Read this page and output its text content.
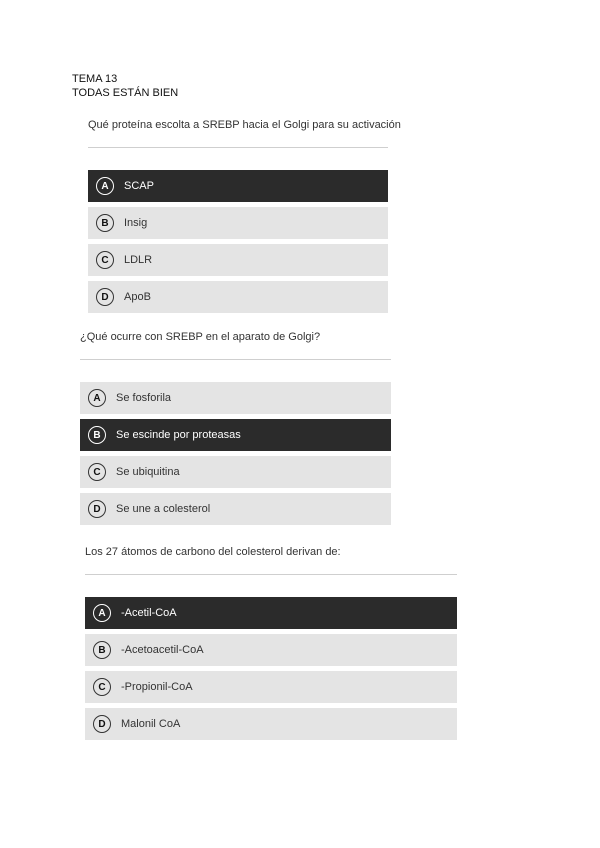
TEMA 13
TODAS ESTÁN BIEN
Qué proteína escolta a SREBP hacia el Golgi para su activación
A	SCAP
B	Insig
C	LDLR
D	ApoB
¿Qué ocurre con SREBP en el aparato de Golgi?
A	Se fosforila
B	Se escinde por proteasas
C	Se ubiquitina
D	Se une a colesterol
Los 27 átomos de carbono del colesterol derivan de:
A	-Acetil-CoA
B	-Acetoacetil-CoA
C	-Propionil-CoA
D	Malonil CoA
